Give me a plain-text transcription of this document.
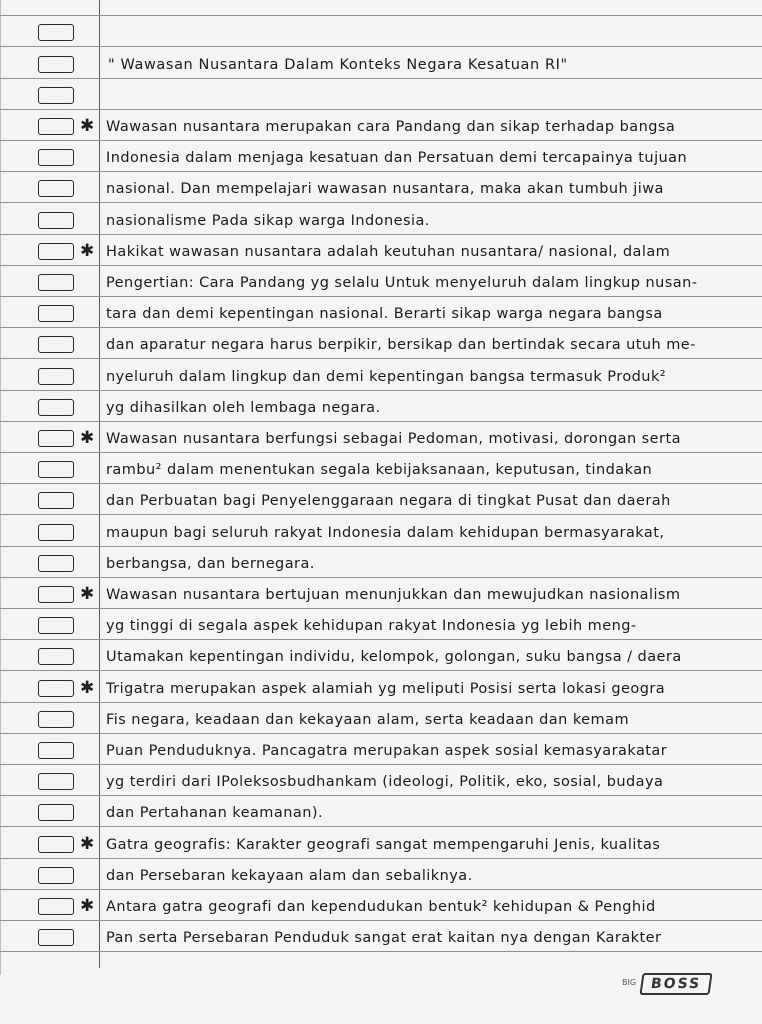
" Wawasan Nusantara Dalam Konteks Negara Kesatuan RI"
✱ Wawasan nusantara merupakan cara Pandang dan sikap terhadap bangsa
Indonesia dalam menjaga kesatuan dan Persatuan demi tercapainya tujuan
nasional. Dan mempelajari wawasan nusantara, maka akan tumbuh jiwa
nasionalisme Pada sikap warga Indonesia.
✱ Hakikat wawasan nusantara adalah keutuhan nusantara/ nasional, dalam
Pengertian: Cara Pandang yg selalu Untuk menyeluruh dalam lingkup nusan-
tara dan demi kepentingan nasional. Berarti sikap warga negara bangsa
dan aparatur negara harus berpikir, bersikap dan bertindak secara utuh me-
nyeluruh dalam lingkup dan demi kepentingan bangsa termasuk Produk²
yg dihasilkan oleh lembaga negara.
✱ Wawasan nusantara berfungsi sebagai Pedoman, motivasi, dorongan serta
rambu² dalam menentukan segala kebijaksanaan, keputusan, tindakan
dan Perbuatan bagi Penyelenggaraan negara di tingkat Pusat dan daerah
maupun bagi seluruh rakyat Indonesia dalam kehidupan bermasyarakat,
berbangsa, dan bernegara.
✱ Wawasan nusantara bertujuan menunjukkan dan mewujudkan nasionalism
yg tinggi di segala aspek kehidupan rakyat Indonesia yg lebih meng-
Utamakan kepentingan individu, kelompok, golongan, suku bangsa / daera
✱ Trigatra merupakan aspek alamiah yg meliputi Posisi serta lokasi geogra
Fis negara, keadaan dan kekayaan alam, serta keadaan dan kemam
Puan Penduduknya. Pancagatra merupakan aspek sosial kemasyarakatar
yg terdiri dari IPoleksosbudhankam (ideologi, Politik, eko, sosial, budaya
dan Pertahanan keamanan).
✱ Gatra geografis: Karakter geografi sangat mempengaruhi Jenis, kualitas
dan Persebaran kekayaan alam dan sebaliknya.
✱ Antara gatra geografi dan kependudukan bentuk² kehidupan & Penghid
Pan serta Persebaran Penduduk sangat erat kaitan nya dengan Karakter
BIG BOSS
